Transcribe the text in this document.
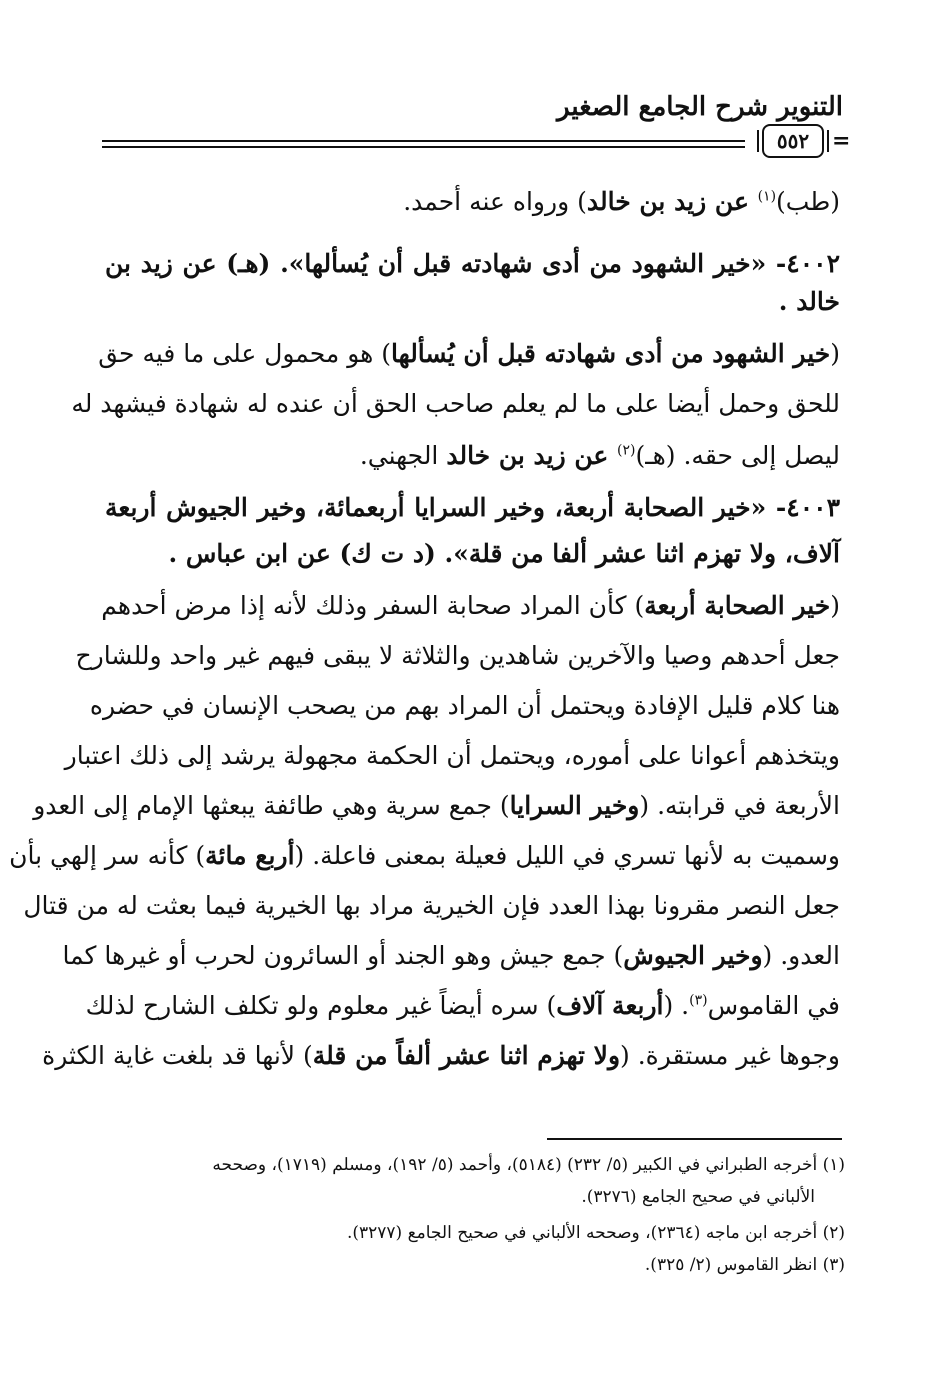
التنوير شرح الجامع الصغير
٥٥٢	=
(طب)$^{(١)}$ عن زيد بن خالد) ورواه عنه أحمد.
٤٠٠٢- «خير الشهود من أدى شهادته قبل أن يُسألها». (هـ) عن زيد بن
خالد .
(خير الشهود من أدى شهادته قبل أن يُسألها) هو محمول على ما فيه حق
للحق وحمل أيضا على ما لم يعلم صاحب الحق أن عنده له شهادة فيشهد له
ليصل إلى حقه. (هـ)$^{(٢)}$ عن زيد بن خالد الجهني.
٤٠٠٣- «خير الصحابة أربعة، وخير السرايا أربعمائة، وخير الجيوش أربعة
آلاف، ولا تهزم اثنا عشر ألفا من قلة». (د ت ك) عن ابن عباس .
(خير الصحابة أربعة) كأن المراد صحابة السفر وذلك لأنه إذا مرض أحدهم
جعل أحدهم وصيا والآخرين شاهدين والثلاثة لا يبقى فيهم غير واحد وللشارح
هنا كلام قليل الإفادة ويحتمل أن المراد بهم من يصحب الإنسان في حضره
ويتخذهم أعوانا على أموره، ويحتمل أن الحكمة مجهولة يرشد إلى ذلك اعتبار
الأربعة في قرابته. (وخير السرايا) جمع سرية وهي طائفة يبعثها الإمام إلى العدو
وسميت به لأنها تسري في الليل فعيلة بمعنى فاعلة. (أربع مائة) كأنه سر إلهي بأن
جعل النصر مقرونا بهذا العدد فإن الخيرية مراد بها الخيرية فيما بعثت له من قتال
العدو. (وخير الجيوش) جمع جيش وهو الجند أو السائرون لحرب أو غيرها كما
في القاموس$^{(٣)}$. (أربعة آلاف) سره أيضاً غير معلوم ولو تكلف الشارح لذلك
وجوها غير مستقرة. (ولا تهزم اثنا عشر ألفاً من قلة) لأنها قد بلغت غاية الكثرة
(١) أخرجه الطبراني في الكبير (٥/ ٢٣٢) (٥١٨٤)، وأحمد (٥/ ١٩٢)، ومسلم (١٧١٩)، وصححه
الألباني في صحيح الجامع (٣٢٧٦).
(٢) أخرجه ابن ماجه (٢٣٦٤)، وصححه الألباني في صحيح الجامع (٣٢٧٧).
(٣) انظر القاموس (٢/ ٣٢٥).
